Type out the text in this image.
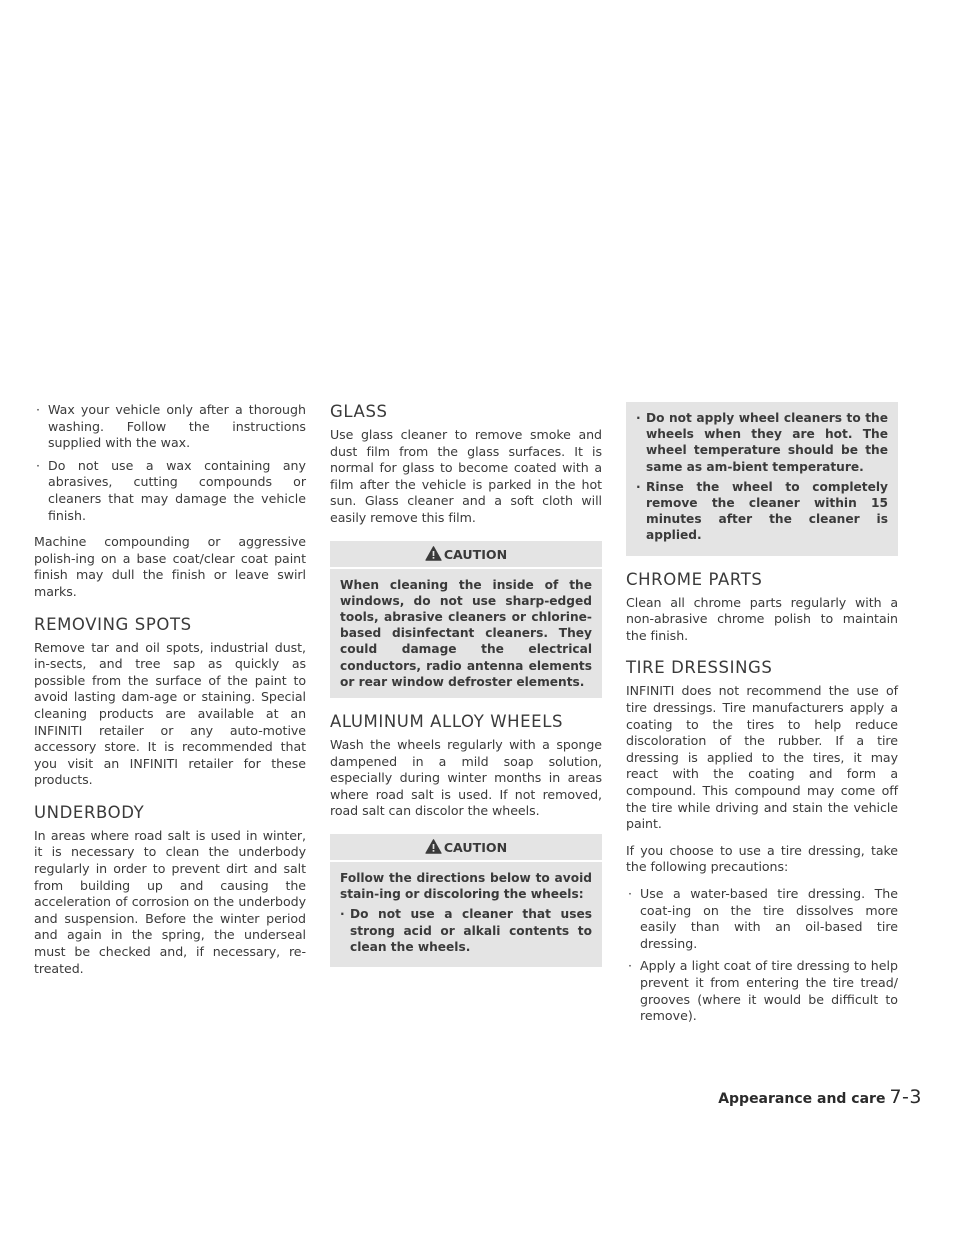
· Wax your vehicle only after a thorough washing. Follow the instructions supplied with the wax.
· Do not use a wax containing any abrasives, cutting compounds or cleaners that may damage the vehicle finish.

Machine compounding or aggressive polish-ing on a base coat/clear coat paint finish may dull the finish or leave swirl marks.

REMOVING SPOTS

Remove tar and oil spots, industrial dust, in-sects, and tree sap as quickly as possible from the surface of the paint to avoid lasting dam-age or staining. Special cleaning products are available at an INFINITI retailer or any auto-motive accessory store. It is recommended that you visit an INFINITI retailer for these products.

UNDERBODY

In areas where road salt is used in winter, it is necessary to clean the underbody regularly in order to prevent dirt and salt from building up and causing the acceleration of corrosion on the underbody and suspension. Before the winter period and again in the spring, the underseal must be checked and, if necessary, re-treated.

GLASS

Use glass cleaner to remove smoke and dust film from the glass surfaces. It is normal for glass to become coated with a film after the vehicle is parked in the hot sun. Glass cleaner and a soft cloth will easily remove this film.

CAUTION
When cleaning the inside of the windows, do not use sharp-edged tools, abrasive cleaners or chlorine-based disinfectant cleaners. They could damage the electrical conductors, radio antenna elements or rear window defroster elements.
ALUMINUM ALLOY WHEELS

Wash the wheels regularly with a sponge dampened in a mild soap solution, especially during winter months in areas where road salt is used. If not removed, road salt can discolor the wheels.

CAUTION
Follow the directions below to avoid stain-ing or discoloring the wheels:
· Do not use a cleaner that uses strong acid or alkali contents to clean the wheels.
· Do not apply wheel cleaners to the wheels when they are hot. The wheel temperature should be the same as am-bient temperature.
· Rinse the wheel to completely remove the cleaner within 15 minutes after the cleaner is applied.
CHROME PARTS

Clean all chrome parts regularly with a non-abrasive chrome polish to maintain the finish.

TIRE DRESSINGS

INFINITI does not recommend the use of tire dressings. Tire manufacturers apply a coating to the tires to help reduce discoloration of the rubber. If a tire dressing is applied to the tires, it may react with the coating and form a compound. This compound may come off the tire while driving and stain the vehicle paint.

If you choose to use a tire dressing, take the following precautions:

· Use a water-based tire dressing. The coat-ing on the tire dissolves more easily than with an oil-based tire dressing.
· Apply a light coat of tire dressing to help prevent it from entering the tire tread/ grooves (where it would be difficult to remove).
Appearance and care 7-3
